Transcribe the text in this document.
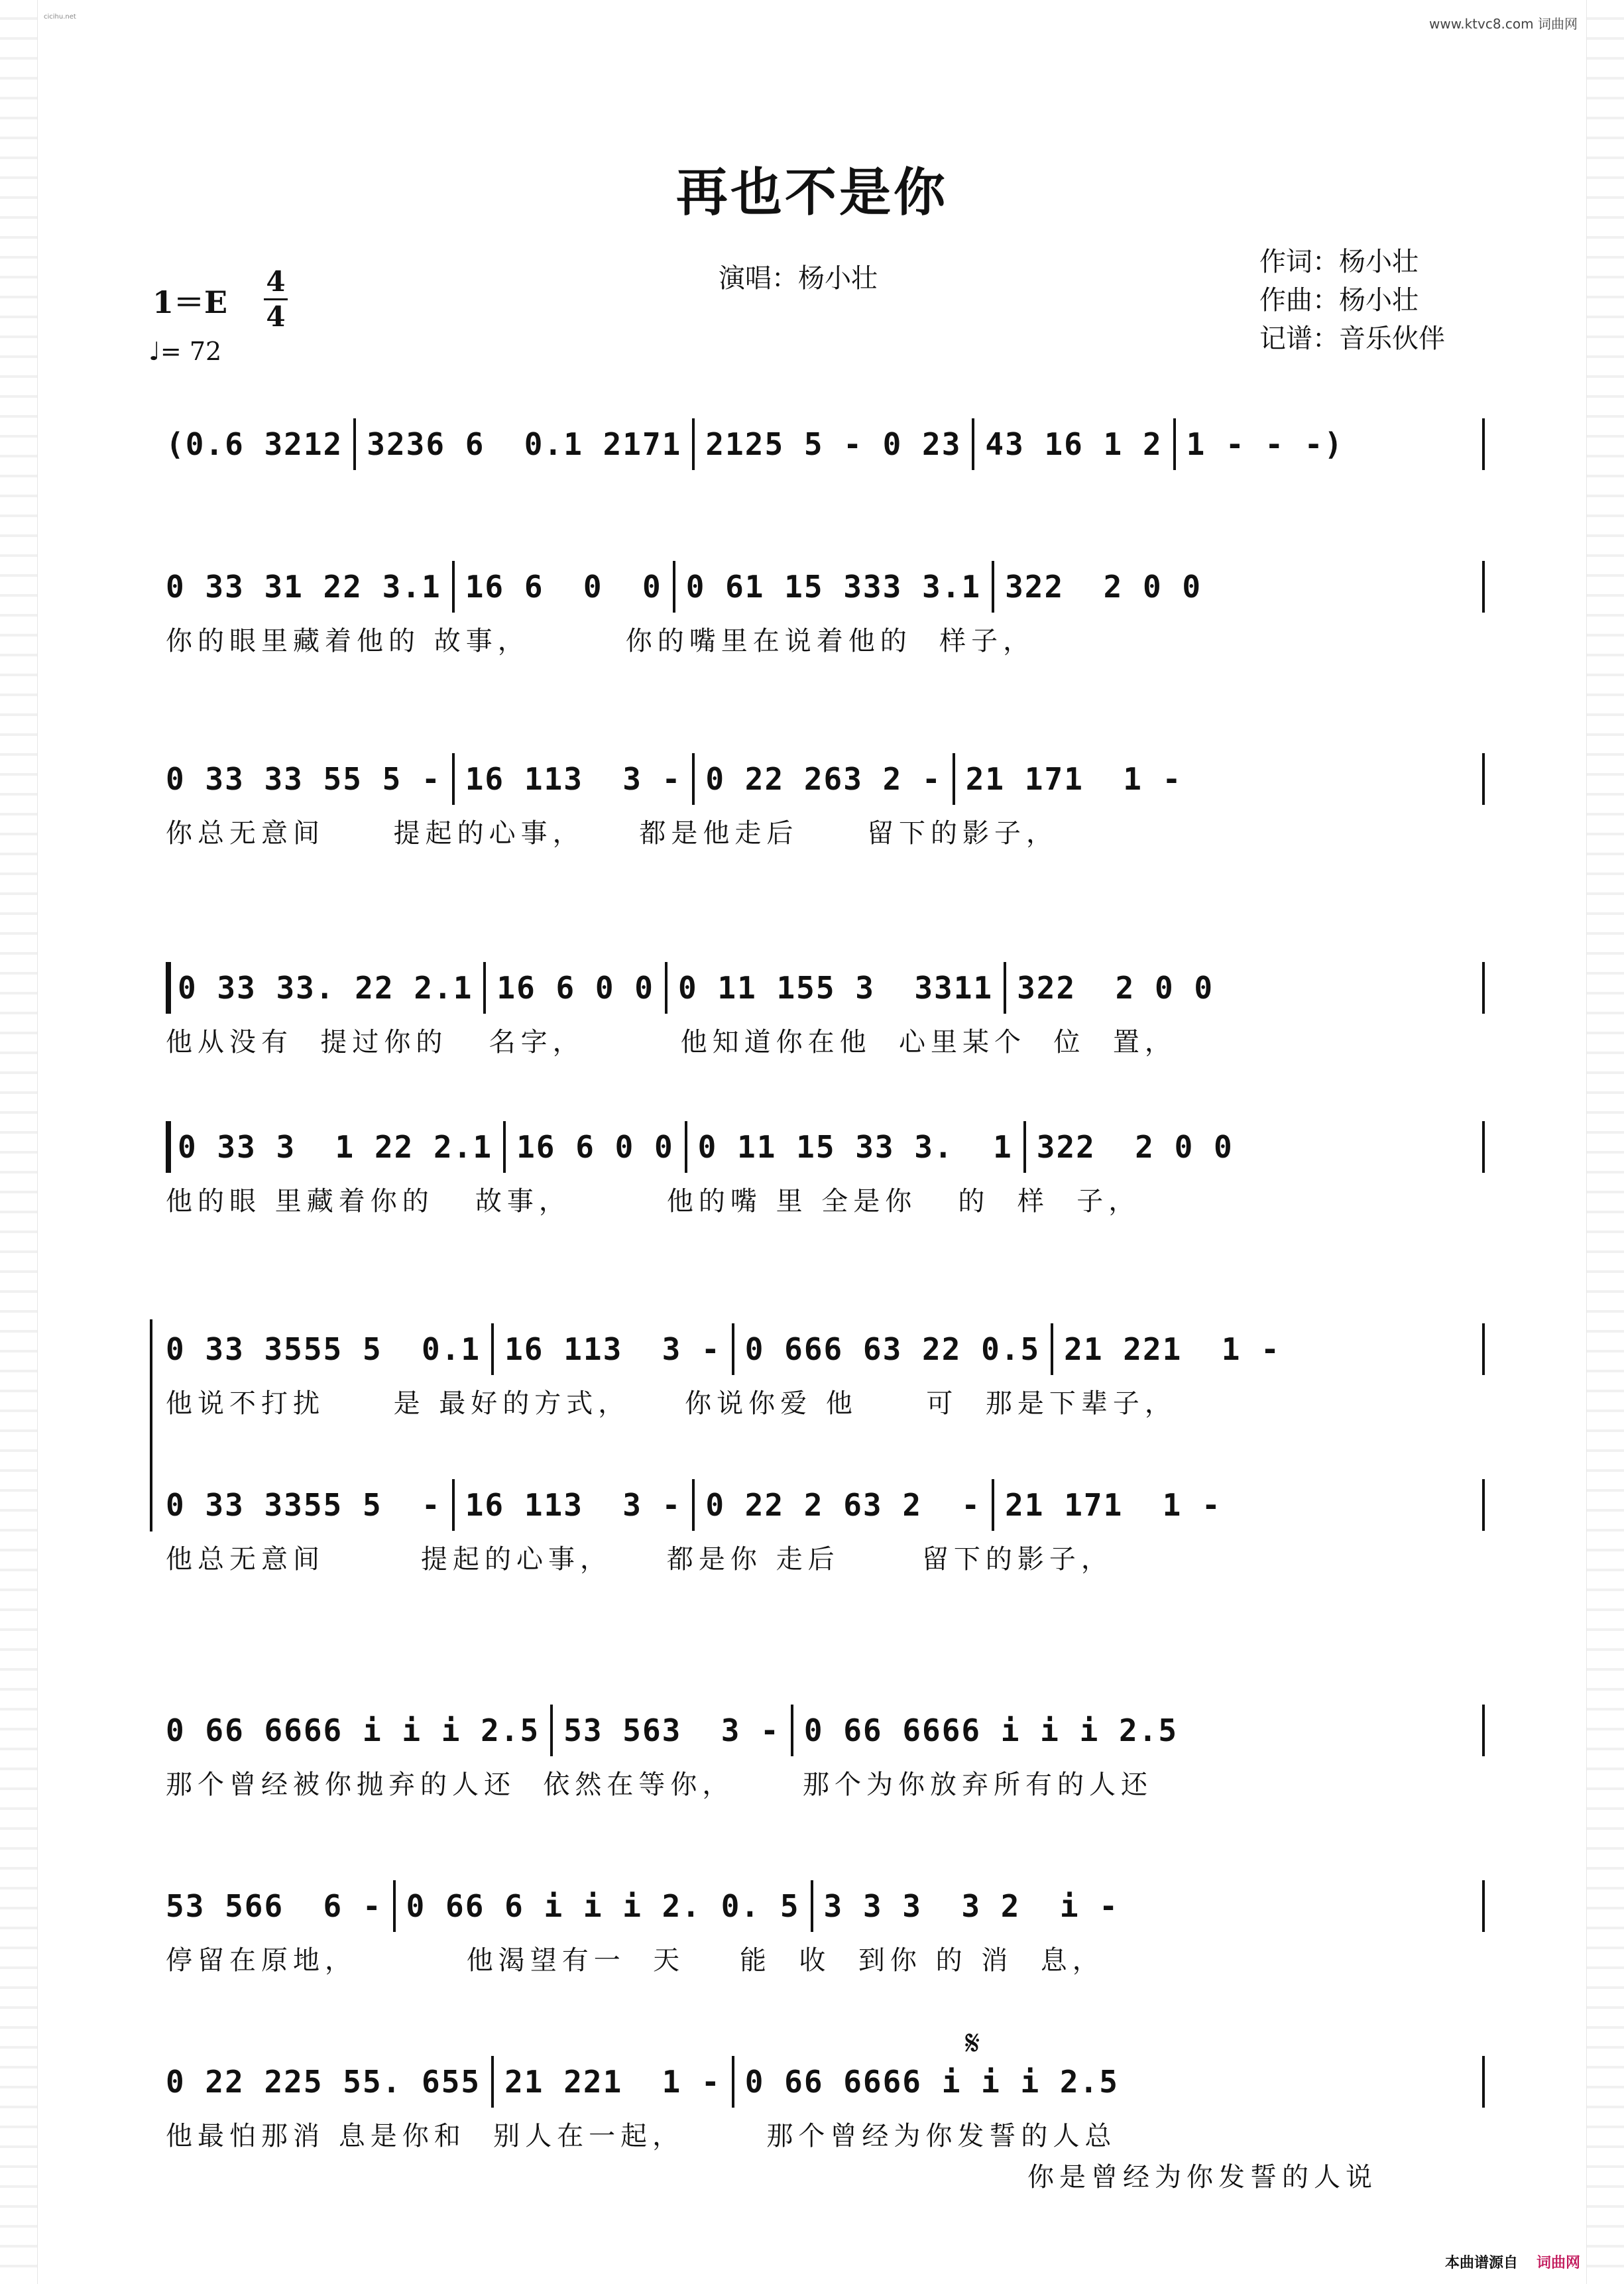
cicihu.net	www.ktvc8.com 词曲网
再也不是你
1＝E
4
4
♩= 72
演唱：杨小壮
作词：杨小壮
作曲：杨小壮
记谱：音乐伙伴
(0.6 3212 3236 6  0.1 2171 2125 5 - 0 23 43 16 1 2 1 - - -)
0 33 31 22 3.1 16 6  0  0 0 61 15 333 3.1 322  2 0 0
你的眼里藏着他的 故事，       你的嘴里在说着他的  样子，
0 33 33 55 5 - 16 113  3 - 0 22 263 2 - 21 171  1 -
你总无意间     提起的心事，    都是他走后     留下的影子，
0 33 33. 22 2.1 16 6 0 0 0 11 155 3  3311 322  2 0 0
他从没有  提过你的   名字，       他知道你在他  心里某个  位  置，
0 33 3  1 22 2.1 16 6 0 0 0 11 15 33 3.  1 322  2 0 0
他的眼 里藏着你的   故事，       他的嘴 里 全是你   的  样  子，
0 33 3555 5  0.1 16 113  3 - 0 666 63 22 0.5 21 221  1 -
他说不打扰     是 最好的方式，    你说你爱 他     可  那是下辈子，
0 33 3355 5  - 16 113  3 - 0 22 2 63 2  - 21 171  1 -
他总无意间       提起的心事，    都是你 走后      留下的影子，
0 66 6666 i i i 2.5 53 563  3 - 0 66 6666 i i i 2.5
那个曾经被你抛弃的人还  依然在等你，     那个为你放弃所有的人还
53 566  6 - 0 66 6 i i i 2. 0. 5 3 3 3  3 2  i -
停留在原地，        他渴望有一  天    能  收  到你 的 消  息，
𝄋
0 22 225 55. 655 21 221  1 - 0 66 6666 i i i 2.5
他最怕那消 息是你和  别人在一起，      那个曾经为你发誓的人总
你是曾经为你发誓的人说
本曲谱源自 词曲网
